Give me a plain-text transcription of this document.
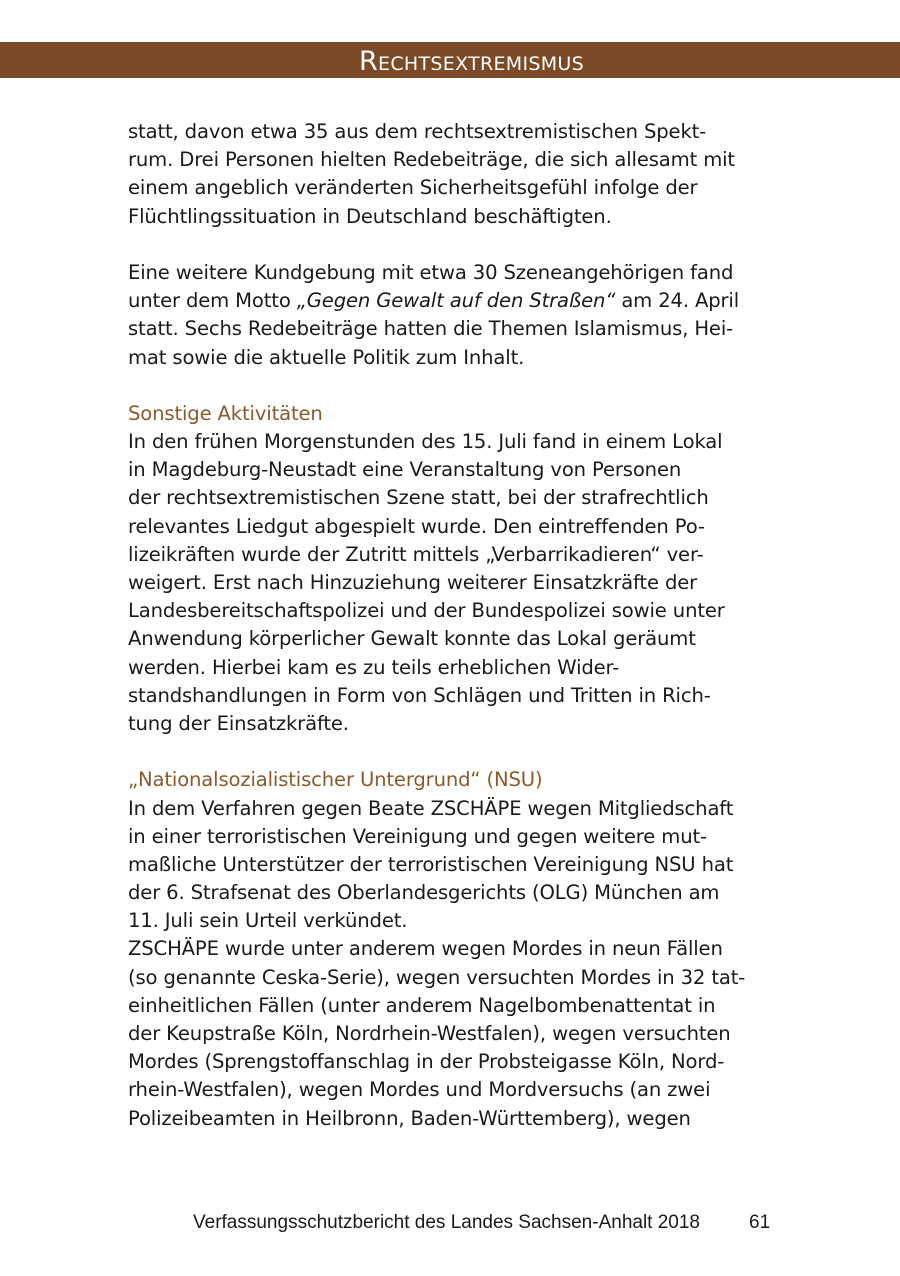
Rechtsextremismus
statt, davon etwa 35 aus dem rechtsextremistischen Spekt-
rum. Drei Personen hielten Redebeiträge, die sich allesamt mit
einem angeblich veränderten Sicherheitsgefühl infolge der
Flüchtlingssituation in Deutschland beschäftigten.
Eine weitere Kundgebung mit etwa 30 Szeneangehörigen fand
unter dem Motto „Gegen Gewalt auf den Straßen“ am 24. April
statt. Sechs Redebeiträge hatten die Themen Islamismus, Hei-
mat sowie die aktuelle Politik zum Inhalt.
Sonstige Aktivitäten
In den frühen Morgenstunden des 15. Juli fand in einem Lokal
in Magdeburg-Neustadt eine Veranstaltung von Personen
der rechtsextremistischen Szene statt, bei der strafrechtlich
relevantes Liedgut abgespielt wurde. Den eintreffenden Po-
lizeikräften wurde der Zutritt mittels „Verbarrikadieren“ ver-
weigert. Erst nach Hinzuziehung weiterer Einsatzkräfte der
Landesbereitschaftspolizei und der Bundespolizei sowie unter
Anwendung körperlicher Gewalt konnte das Lokal geräumt
werden. Hierbei kam es zu teils erheblichen Wider-
standshandlungen in Form von Schlägen und Tritten in Rich-
tung der Einsatzkräfte.
„Nationalsozialistischer Untergrund“ (NSU)
In dem Verfahren gegen Beate ZSCHÄPE wegen Mitgliedschaft
in einer terroristischen Vereinigung und gegen weitere mut-
maßliche Unterstützer der terroristischen Vereinigung NSU hat
der 6. Strafsenat des Oberlandesgerichts (OLG) München am
11. Juli sein Urteil verkündet.
ZSCHÄPE wurde unter anderem wegen Mordes in neun Fällen
(so genannte Ceska-Serie), wegen versuchten Mordes in 32 tat-
einheitlichen Fällen (unter anderem Nagelbombenattentat in
der Keupstraße Köln, Nordrhein-Westfalen), wegen versuchten
Mordes (Sprengstoffanschlag in der Probsteigasse Köln, Nord-
rhein-Westfalen), wegen Mordes und Mordversuchs (an zwei
Polizeibeamten in Heilbronn, Baden-Württemberg), wegen
Verfassungsschutzbericht des Landes Sachsen-Anhalt 2018	61
